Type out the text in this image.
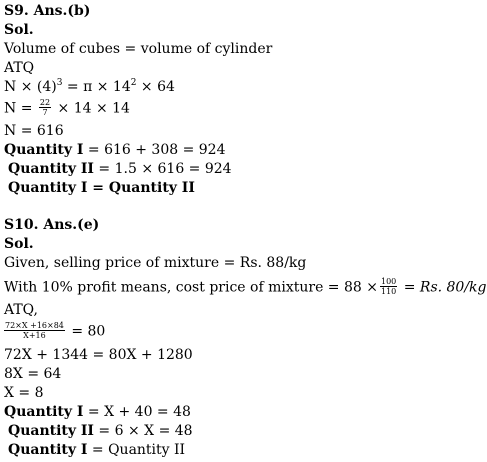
S9. Ans.(b)
Sol.
Volume of cubes = volume of cylinder
ATQ
$N \times (4)^3 = \pi \times 14^2 \times 64$
$N = \frac{22}{7} \times 14 \times 14$
N = 616
Quantity I = 616 + 308 = 924
Quantity II = 1.5 × 616 = 924
Quantity I = Quantity II
S10. Ans.(e)
Sol.
Given, selling price of mixture = Rs. 88/kg
With 10% profit means, cost price of mixture = $88 \times \frac{100}{110} = Rs$. 80/kg
ATQ,
$\frac{72\times X +16\times 84}{X+16} = 80$
72X + 1344 = 80X + 1280
8X = 64
X = 8
Quantity I = X + 40 = 48
Quantity II = 6 × X = 48
Quantity I = Quantity II
